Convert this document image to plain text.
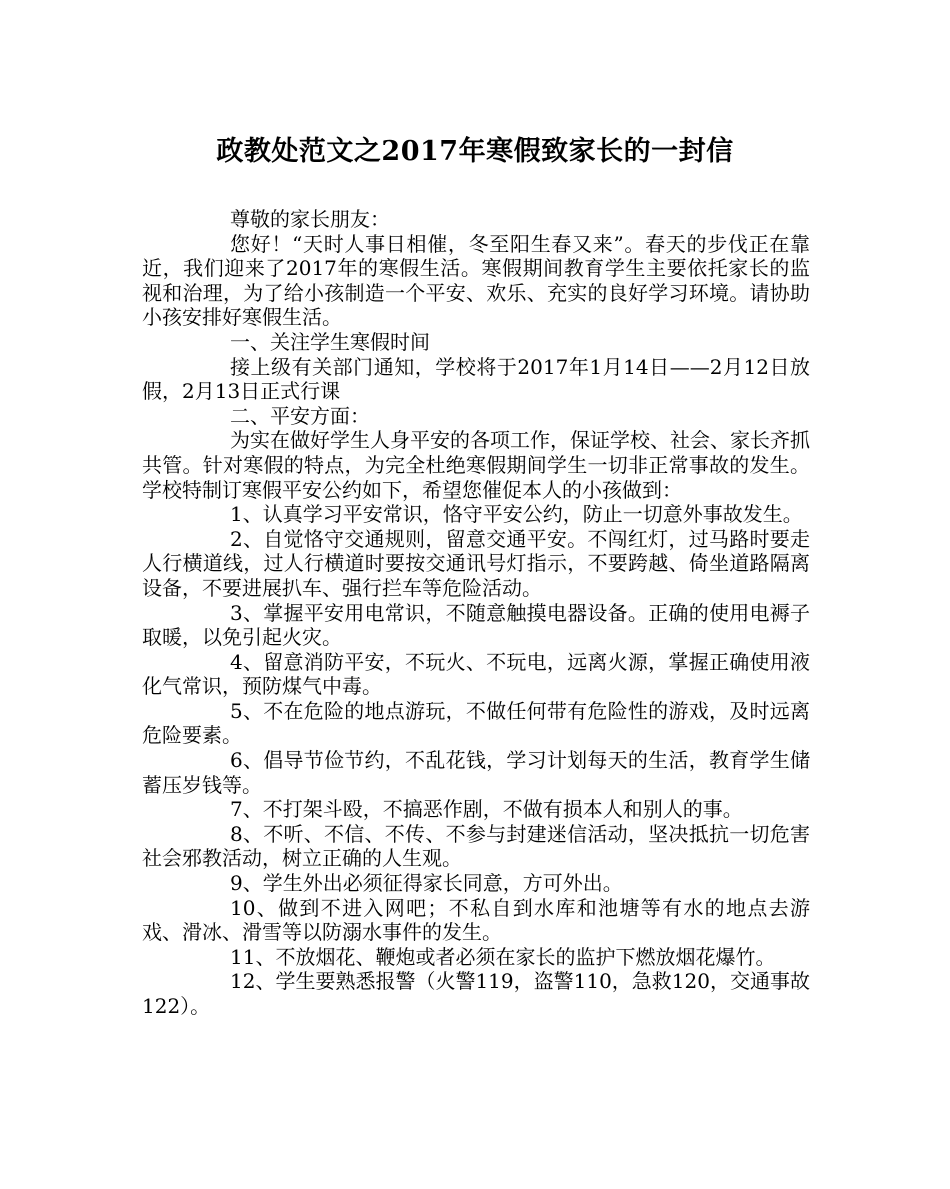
政教处范文之2017年寒假致家长的一封信

尊敬的家长朋友：

您好！“天时人事日相催，冬至阳生春又来”。春天的步伐正在靠近，我们迎来了2017年的寒假生活。寒假期间教育学生主要依托家长的监视和治理，为了给小孩制造一个平安、欢乐、充实的良好学习环境。请协助小孩安排好寒假生活。

一、关注学生寒假时间

接上级有关部门通知，学校将于2017年1月14日——2月12日放假，2月13日正式行课

二、平安方面：

为实在做好学生人身平安的各项工作，保证学校、社会、家长齐抓共管。针对寒假的特点，为完全杜绝寒假期间学生一切非正常事故的发生。学校特制订寒假平安公约如下，希望您催促本人的小孩做到：

1、认真学习平安常识，恪守平安公约，防止一切意外事故发生。

2、自觉恪守交通规则，留意交通平安。不闯红灯，过马路时要走人行横道线，过人行横道时要按交通讯号灯指示，不要跨越、倚坐道路隔离设备，不要进展扒车、强行拦车等危险活动。

3、掌握平安用电常识，不随意触摸电器设备。正确的使用电褥子取暖，以免引起火灾。

4、留意消防平安，不玩火、不玩电，远离火源，掌握正确使用液化气常识，预防煤气中毒。

5、不在危险的地点游玩，不做任何带有危险性的游戏，及时远离危险要素。

6、倡导节俭节约，不乱花钱，学习计划每天的生活，教育学生储蓄压岁钱等。

7、不打架斗殴，不搞恶作剧，不做有损本人和别人的事。

8、不听、不信、不传、不参与封建迷信活动，坚决抵抗一切危害社会邪教活动，树立正确的人生观。

9、学生外出必须征得家长同意，方可外出。

10、做到不进入网吧；不私自到水库和池塘等有水的地点去游戏、滑冰、滑雪等以防溺水事件的发生。

11、不放烟花、鞭炮或者必须在家长的监护下燃放烟花爆竹。

12、学生要熟悉报警（火警119，盗警110，急救120，交通事故122）。
